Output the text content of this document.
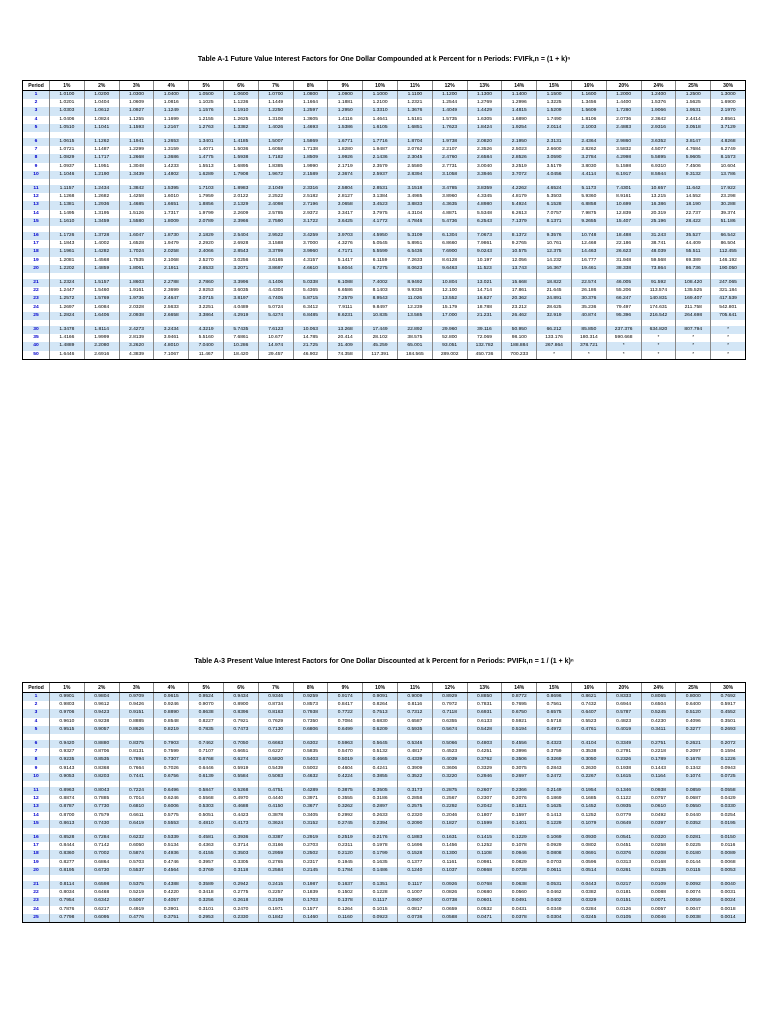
Table A-1 Future Value Interest Factors for One Dollar Compounded at k Percent for n Periods: FVIFk,n = (1 + k)ⁿ
Period	1%	2%	3%	4%	5%	6%	7%	8%	9%	10%	11%	12%	13%	14%	15%	16%	20%	24%	25%	30%
1	1.0100	1.0200	1.0300	1.0400	1.0500	1.0600	1.0700	1.0800	1.0900	1.1000	1.1100	1.1200	1.1300	1.1400	1.1500	1.1600	1.2000	1.2400	1.2500	1.3000
2	1.0201	1.0404	1.0609	1.0816	1.1025	1.1236	1.1449	1.1664	1.1881	1.2100	1.2321	1.2544	1.2769	1.2996	1.3225	1.3456	1.4400	1.5376	1.5625	1.6900
3	1.0303	1.0612	1.0927	1.1249	1.1576	1.1910	1.2250	1.2597	1.2950	1.3310	1.3676	1.4049	1.4429	1.4815	1.5209	1.5609	1.7280	1.9066	1.9531	2.1970
4	1.0406	1.0824	1.1255	1.1699	1.2155	1.2625	1.3108	1.3605	1.4116	1.4641	1.5181	1.5735	1.6305	1.6890	1.7490	1.8106	2.0736	2.3642	2.4414	2.8561
5	1.0510	1.1041	1.1593	1.2167	1.2763	1.3382	1.4026	1.4693	1.5386	1.6105	1.6851	1.7623	1.8424	1.9254	2.0114	2.1003	2.4883	2.9316	3.0518	3.7129

6	1.0615	1.1262	1.1941	1.2653	1.3401	1.4185	1.5007	1.5869	1.6771	1.7716	1.8704	1.9738	2.0820	2.1950	2.3131	2.4364	2.9860	3.6352	3.8147	4.8268
7	1.0721	1.1487	1.2299	1.3159	1.4071	1.5036	1.6058	1.7138	1.8280	1.9487	2.0762	2.2107	2.3526	2.5023	2.6600	2.8262	3.5832	4.5077	4.7684	6.2749
8	1.0829	1.1717	1.2668	1.3686	1.4775	1.5938	1.7182	1.8509	1.9926	2.1436	2.3045	2.4760	2.6584	2.8526	3.0590	3.2784	4.2998	5.5895	5.9605	8.1573
9	1.0937	1.1951	1.3048	1.4233	1.5513	1.6895	1.8385	1.9990	2.1719	2.3579	2.5580	2.7731	3.0040	3.2519	3.5179	3.8030	5.1598	6.9310	7.4506	10.604
10	1.1046	1.2190	1.3439	1.4802	1.6289	1.7908	1.9672	2.1589	2.3674	2.5937	2.8394	3.1058	3.3946	3.7072	4.0456	4.4114	6.1917	8.5944	9.3132	13.786

11	1.1157	1.2434	1.3842	1.5395	1.7103	1.8983	2.1049	2.3316	2.5804	2.8531	3.1518	3.4785	3.8359	4.2262	4.6524	5.1173	7.4301	10.657	11.642	17.922
12	1.1268	1.2682	1.4258	1.6010	1.7959	2.0122	2.2522	2.5182	2.8127	3.1384	3.4985	3.8960	4.3345	4.8179	5.3503	5.9360	8.9161	13.215	14.552	23.298
13	1.1381	1.2936	1.4685	1.6651	1.8856	2.1329	2.4098	2.7196	3.0658	3.4523	3.8833	4.3635	4.8980	5.4924	6.1528	6.8858	10.699	16.386	18.190	30.288
14	1.1495	1.3195	1.5126	1.7317	1.9799	2.2609	2.5785	2.9372	3.3417	3.7975	4.3104	4.8871	5.5348	6.2613	7.0757	7.9875	12.839	20.319	22.737	39.374
15	1.1610	1.3459	1.5580	1.8009	2.0789	2.3966	2.7590	3.1722	3.6425	4.1772	4.7846	5.4736	6.2543	7.1379	8.1371	9.2655	15.407	25.196	28.422	51.186

16	1.1726	1.3728	1.6047	1.8730	2.1829	2.5404	2.9522	3.4259	3.9703	4.5950	5.3109	6.1304	7.0673	8.1372	9.3576	10.748	18.488	31.243	35.527	66.542
17	1.1843	1.4002	1.6528	1.9479	2.2920	2.6928	3.1588	3.7000	4.3276	5.0545	5.8951	6.8660	7.9861	9.2765	10.761	12.468	22.186	38.741	44.409	86.504
18	1.1961	1.4282	1.7024	2.0258	2.4066	2.8543	3.3799	3.9960	4.7171	5.5599	6.5436	7.6900	9.0243	10.575	12.375	14.463	26.623	48.039	55.511	112.455
19	1.2081	1.4568	1.7535	2.1068	2.5270	3.0256	3.6165	4.3157	5.1417	6.1159	7.2633	8.6128	10.197	12.056	14.232	16.777	31.948	59.568	69.389	146.192
20	1.2202	1.4859	1.8061	2.1911	2.6533	3.2071	3.8697	4.6610	5.6044	6.7275	8.0623	9.6463	11.523	13.743	16.367	19.461	38.338	73.864	86.736	190.050

21	1.2324	1.5157	1.8603	2.2788	2.7860	3.3996	4.1406	5.0338	6.1088	7.4002	8.9492	10.804	13.021	15.668	18.822	22.574	46.005	91.592	108.420	247.065
22	1.2447	1.5460	1.9161	2.3699	2.9253	3.6035	4.4304	5.4365	6.6586	8.1403	9.9336	12.100	14.714	17.861	21.645	26.186	55.206	113.574	135.525	321.184
23	1.2572	1.5769	1.9736	2.4647	3.0715	3.8197	4.7405	5.8715	7.2579	8.9543	11.026	13.552	16.627	20.362	24.891	30.376	66.247	140.831	169.407	417.539
24	1.2697	1.6084	2.0328	2.5633	3.2251	4.0489	5.0724	6.3412	7.9111	9.8497	12.239	15.179	18.788	23.212	28.625	35.236	79.497	174.631	211.758	542.801
25	1.2824	1.6406	2.0938	2.6658	3.3864	4.2919	5.4274	6.8485	8.6231	10.835	13.585	17.000	21.231	26.462	32.919	40.874	95.396	216.542	264.698	705.641

30	1.3478	1.8114	2.4273	3.2434	4.3219	5.7435	7.6123	10.063	13.268	17.449	22.892	29.960	39.116	50.950	66.212	85.850	237.376	634.820	807.794	*
35	1.4166	1.9999	2.8139	3.9461	5.5160	7.6861	10.677	14.785	20.414	28.102	38.575	52.800	72.069	98.100	133.176	180.314	590.668	*	*	*
40	1.4889	2.2080	3.2620	4.8010	7.0400	10.286	14.974	21.725	31.409	45.259	65.001	93.051	132.782	188.884	267.864	378.721	*	*	*	*
50	1.6446	2.6916	4.3839	7.1067	11.467	18.420	29.457	46.902	74.358	117.391	184.565	289.002	450.736	700.233	*	*	*	*	*	*
Table A-3 Present Value Interest Factors for One Dollar Discounted at k Percent for n Periods: PVIFk,n = 1 / (1 + k)ⁿ
Period	1%	2%	3%	4%	5%	6%	7%	8%	9%	10%	11%	12%	13%	14%	15%	16%	20%	24%	25%	30%
1	0.9901	0.9804	0.9709	0.9615	0.9524	0.9434	0.9346	0.9259	0.9174	0.9091	0.9009	0.8929	0.8850	0.8772	0.8696	0.8621	0.8333	0.8065	0.8000	0.7692
2	0.9803	0.9612	0.9426	0.9246	0.9070	0.8900	0.8734	0.8573	0.8417	0.8264	0.8116	0.7972	0.7831	0.7695	0.7561	0.7432	0.6944	0.6504	0.6400	0.5917
3	0.9706	0.9423	0.9151	0.8890	0.8638	0.8396	0.8163	0.7938	0.7722	0.7513	0.7312	0.7118	0.6931	0.6750	0.6575	0.6407	0.5787	0.5245	0.5120	0.4552
4	0.9610	0.9238	0.8885	0.8548	0.8227	0.7921	0.7629	0.7350	0.7084	0.6830	0.6587	0.6355	0.6133	0.5921	0.5718	0.5523	0.4823	0.4230	0.4096	0.3501
5	0.9515	0.9057	0.8626	0.8219	0.7835	0.7473	0.7130	0.6806	0.6499	0.6209	0.5935	0.5674	0.5428	0.5194	0.4972	0.4761	0.4019	0.3411	0.3277	0.2693

6	0.9420	0.8880	0.8375	0.7903	0.7462	0.7050	0.6663	0.6302	0.5963	0.5645	0.5346	0.5066	0.4803	0.4556	0.4323	0.4104	0.3349	0.2751	0.2621	0.2072
7	0.9327	0.8706	0.8131	0.7599	0.7107	0.6651	0.6227	0.5835	0.5470	0.5132	0.4817	0.4523	0.4251	0.3996	0.3759	0.3538	0.2791	0.2218	0.2097	0.1594
8	0.9235	0.8535	0.7894	0.7307	0.6768	0.6274	0.5820	0.5403	0.5019	0.4665	0.4339	0.4039	0.3762	0.3506	0.3269	0.3050	0.2326	0.1789	0.1678	0.1226
9	0.9143	0.8368	0.7664	0.7026	0.6446	0.5919	0.5439	0.5002	0.4604	0.4241	0.3909	0.3606	0.3329	0.3075	0.2843	0.2630	0.1938	0.1443	0.1342	0.0943
10	0.9053	0.8203	0.7441	0.6756	0.6139	0.5584	0.5083	0.4632	0.4224	0.3855	0.3522	0.3220	0.2946	0.2697	0.2472	0.2267	0.1615	0.1164	0.1074	0.0725

11	0.8963	0.8043	0.7224	0.6496	0.5847	0.5268	0.4751	0.4289	0.3875	0.3505	0.3173	0.2875	0.2607	0.2366	0.2149	0.1954	0.1346	0.0938	0.0859	0.0558
12	0.8874	0.7885	0.7014	0.6246	0.5568	0.4970	0.4440	0.3971	0.3555	0.3186	0.2858	0.2567	0.2307	0.2076	0.1869	0.1685	0.1122	0.0757	0.0687	0.0429
13	0.8787	0.7730	0.6810	0.6006	0.5303	0.4688	0.4150	0.3677	0.3262	0.2897	0.2575	0.2292	0.2042	0.1821	0.1625	0.1452	0.0935	0.0610	0.0550	0.0330
14	0.8700	0.7579	0.6611	0.5775	0.5051	0.4423	0.3878	0.3405	0.2992	0.2633	0.2320	0.2046	0.1807	0.1597	0.1413	0.1252	0.0779	0.0492	0.0440	0.0254
15	0.8613	0.7430	0.6419	0.5553	0.4810	0.4173	0.3624	0.3152	0.2745	0.2394	0.2090	0.1827	0.1599	0.1401	0.1229	0.1079	0.0649	0.0397	0.0352	0.0195

16	0.8528	0.7284	0.6232	0.5339	0.4581	0.3936	0.3387	0.2919	0.2519	0.2176	0.1883	0.1631	0.1415	0.1229	0.1069	0.0930	0.0541	0.0320	0.0281	0.0150
17	0.8444	0.7142	0.6050	0.5134	0.4363	0.3714	0.3166	0.2703	0.2311	0.1978	0.1696	0.1456	0.1252	0.1078	0.0929	0.0802	0.0451	0.0258	0.0225	0.0116
18	0.8360	0.7002	0.5874	0.4936	0.4155	0.3503	0.2959	0.2502	0.2120	0.1799	0.1528	0.1300	0.1108	0.0946	0.0808	0.0691	0.0376	0.0208	0.0180	0.0089
19	0.8277	0.6864	0.5703	0.4746	0.3957	0.3305	0.2765	0.2317	0.1945	0.1635	0.1377	0.1161	0.0981	0.0829	0.0703	0.0596	0.0313	0.0168	0.0144	0.0068
20	0.8195	0.6730	0.5537	0.4564	0.3769	0.3118	0.2584	0.2145	0.1784	0.1486	0.1240	0.1037	0.0868	0.0728	0.0611	0.0514	0.0261	0.0135	0.0115	0.0053

21	0.8114	0.6598	0.5375	0.4388	0.3589	0.2942	0.2415	0.1987	0.1637	0.1351	0.1117	0.0926	0.0768	0.0638	0.0531	0.0443	0.0217	0.0109	0.0092	0.0040
22	0.8034	0.6468	0.5219	0.4220	0.3418	0.2775	0.2257	0.1839	0.1502	0.1228	0.1007	0.0826	0.0680	0.0560	0.0462	0.0382	0.0181	0.0088	0.0074	0.0031
23	0.7954	0.6342	0.5067	0.4057	0.3256	0.2618	0.2109	0.1703	0.1378	0.1117	0.0907	0.0738	0.0601	0.0491	0.0402	0.0329	0.0151	0.0071	0.0059	0.0024
24	0.7876	0.6217	0.4919	0.3901	0.3101	0.2470	0.1971	0.1577	0.1264	0.1015	0.0817	0.0659	0.0532	0.0431	0.0349	0.0284	0.0126	0.0057	0.0047	0.0018
25	0.7798	0.6095	0.4776	0.3751	0.2953	0.2330	0.1842	0.1460	0.1160	0.0923	0.0736	0.0588	0.0471	0.0378	0.0304	0.0245	0.0105	0.0046	0.0038	0.0014
